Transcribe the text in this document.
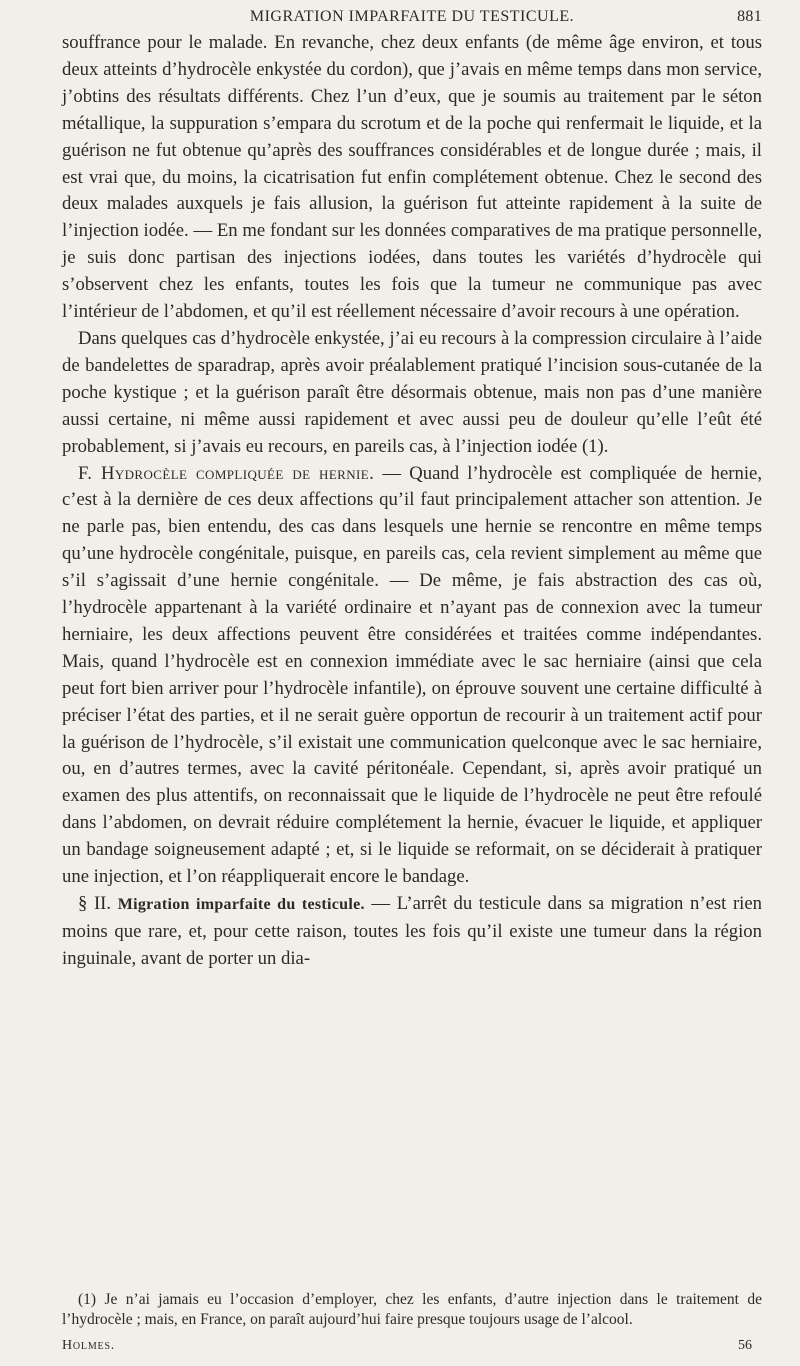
MIGRATION IMPARFAITE DU TESTICULE.	881

souffrance pour le malade. En revanche, chez deux enfants (de même âge environ, et tous deux atteints d’hydrocèle enkystée du cordon), que j’avais en même temps dans mon service, j’obtins des résultats différents. Chez l’un d’eux, que je soumis au traitement par le séton métallique, la suppuration s’empara du scrotum et de la poche qui renfermait le liquide, et la guérison ne fut obtenue qu’après des souffrances considérables et de longue durée ; mais, il est vrai que, du moins, la cicatrisation fut enfin complétement obtenue. Chez le second des deux malades auxquels je fais allusion, la guérison fut atteinte rapidement à la suite de l’injection iodée. — En me fondant sur les données comparatives de ma pratique personnelle, je suis donc partisan des injections iodées, dans toutes les variétés d’hydrocèle qui s’observent chez les enfants, toutes les fois que la tumeur ne communique pas avec l’intérieur de l’abdomen, et qu’il est réellement nécessaire d’avoir recours à une opération.

Dans quelques cas d’hydrocèle enkystée, j’ai eu recours à la compression circulaire à l’aide de bandelettes de sparadrap, après avoir préalablement pratiqué l’incision sous-cutanée de la poche kystique ; et la guérison paraît être désormais obtenue, mais non pas d’une manière aussi certaine, ni même aussi rapidement et avec aussi peu de douleur qu’elle l’eût été probablement, si j’avais eu recours, en pareils cas, à l’injection iodée (1).

F. Hydrocèle compliquée de hernie. — Quand l’hydrocèle est compliquée de hernie, c’est à la dernière de ces deux affections qu’il faut principalement attacher son attention. Je ne parle pas, bien entendu, des cas dans lesquels une hernie se rencontre en même temps qu’une hydrocèle congénitale, puisque, en pareils cas, cela revient simplement au même que s’il s’agissait d’une hernie congénitale. — De même, je fais abstraction des cas où, l’hydrocèle appartenant à la variété ordinaire et n’ayant pas de connexion avec la tumeur herniaire, les deux affections peuvent être considérées et traitées comme indépendantes. Mais, quand l’hydrocèle est en connexion immédiate avec le sac herniaire (ainsi que cela peut fort bien arriver pour l’hydrocèle infantile), on éprouve souvent une certaine difficulté à préciser l’état des parties, et il ne serait guère opportun de recourir à un traitement actif pour la guérison de l’hydrocèle, s’il existait une communication quelconque avec le sac herniaire, ou, en d’autres termes, avec la cavité péritonéale. Cependant, si, après avoir pratiqué un examen des plus attentifs, on reconnaissait que le liquide de l’hydrocèle ne peut être refoulé dans l’abdomen, on devrait réduire complétement la hernie, évacuer le liquide, et appliquer un bandage soigneusement adapté ; et, si le liquide se reformait, on se déciderait à pratiquer une injection, et l’on réappliquerait encore le bandage.

§ II. Migration imparfaite du testicule. — L’arrêt du testicule dans sa migration n’est rien moins que rare, et, pour cette raison, toutes les fois qu’il existe une tumeur dans la région inguinale, avant de porter un dia-

(1) Je n’ai jamais eu l’occasion d’employer, chez les enfants, d’autre injection dans le traitement de l’hydrocèle ; mais, en France, on paraît aujourd’hui faire presque toujours usage de l’alcool.

Holmes.	56
